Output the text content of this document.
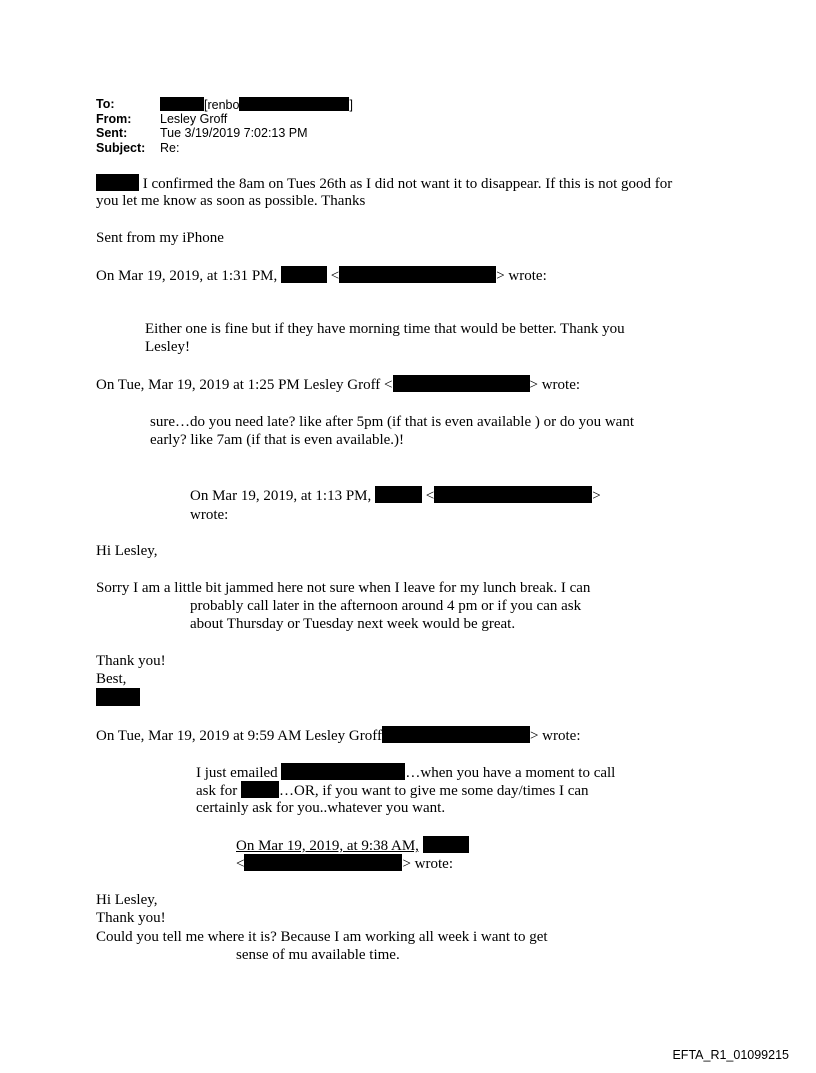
To:	[renbo	]
From:	Lesley Groff
Sent:	Tue 3/19/2019 7:02:13 PM
Subject:	Re:
I confirmed the 8am on Tues 26th as I did not want it to disappear. If this is not good for
you let me know as soon as possible. Thanks
Sent from my iPhone
On Mar 19, 2019, at 1:31 PM,	<	> wrote:
Either one is fine but if they have morning time that would be better. Thank you
Lesley!
On Tue, Mar 19, 2019 at 1:25 PM Lesley Groff <	> wrote:
sure…do you need late? like after 5pm (if that is even available ) or do you want
early? like 7am (if that is even available.)!
On Mar 19, 2019, at 1:13 PM,	<	>
wrote:
Hi Lesley,
Sorry I am a little bit jammed here not sure when I leave for my lunch break. I can
probably call later in the afternoon around 4 pm or if you can ask
about Thursday or Tuesday next week would be great.
Thank you!
Best,
On Tue, Mar 19, 2019 at 9:59 AM Lesley Groff	> wrote:
I just emailed	…when you have a moment to call
ask for	…OR, if you want to give me some day/times I can
certainly ask for you..whatever you want.
On Mar 19, 2019, at 9:38 AM,
<	> wrote:
Hi Lesley,
Thank you!
Could you tell me where it is? Because I am working all week i want to get
sense of mu available time.
EFTA_R1_01099215
